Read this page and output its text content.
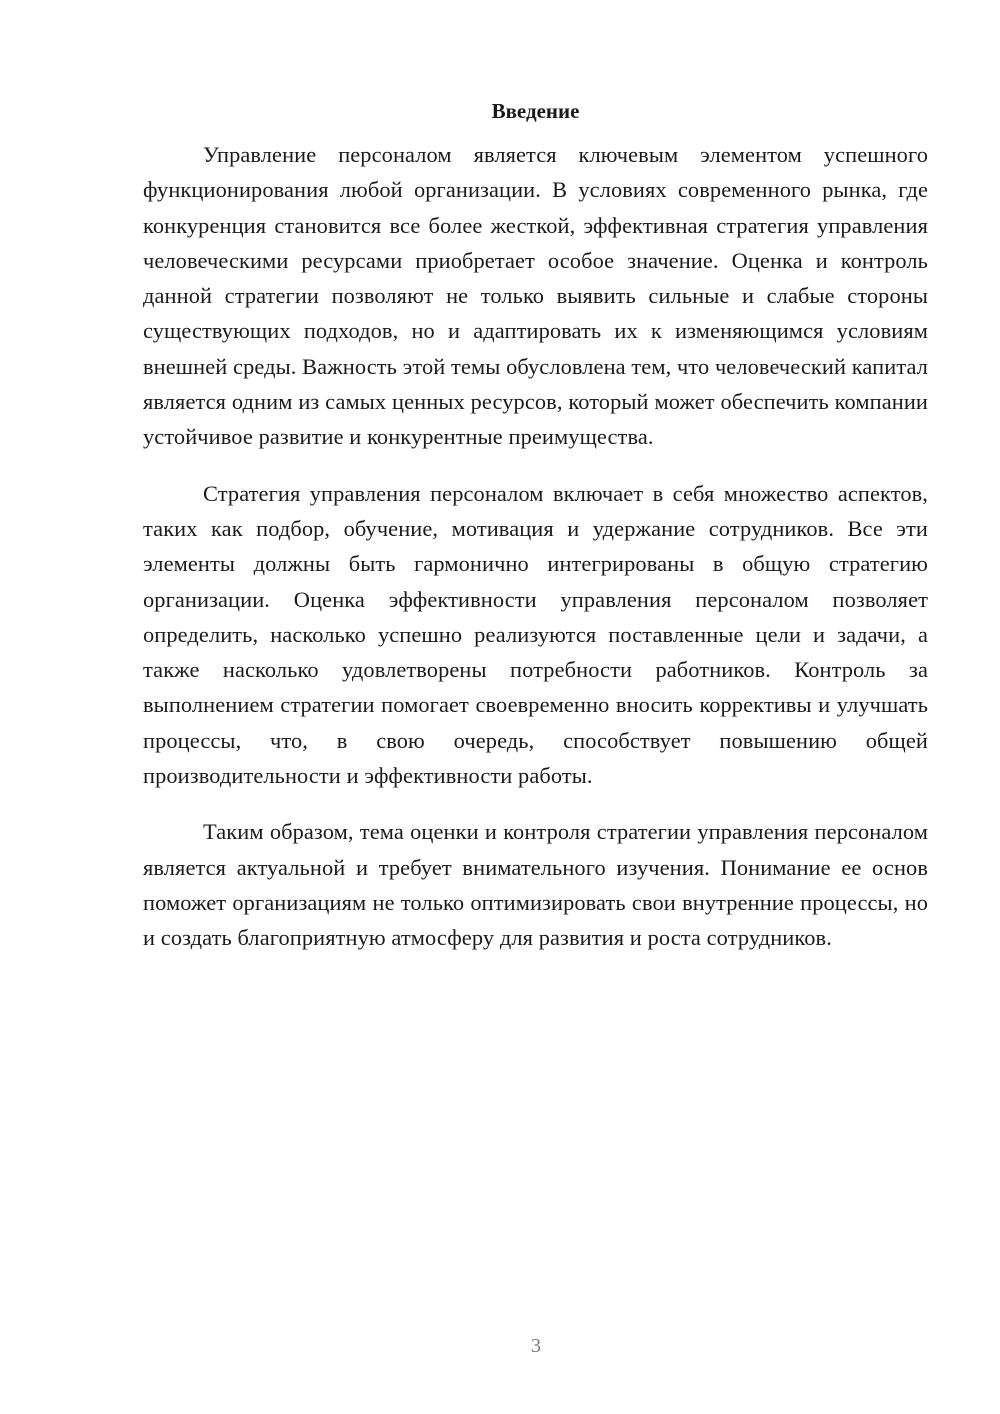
Введение

Управление персоналом является ключевым элементом успешного функционирования любой организации. В условиях современного рынка, где конкуренция становится все более жесткой, эффективная стратегия управления человеческими ресурсами приобретает особое значение. Оценка и контроль данной стратегии позволяют не только выявить сильные и слабые стороны существующих подходов, но и адаптировать их к изменяющимся условиям внешней среды. Важность этой темы обусловлена тем, что человеческий капитал является одним из самых ценных ресурсов, который может обеспечить компании устойчивое развитие и конкурентные преимущества.

Стратегия управления персоналом включает в себя множество аспектов, таких как подбор, обучение, мотивация и удержание сотрудников. Все эти элементы должны быть гармонично интегрированы в общую стратегию организации. Оценка эффективности управления персоналом позволяет определить, насколько успешно реализуются поставленные цели и задачи, а также насколько удовлетворены потребности работников. Контроль за выполнением стратегии помогает своевременно вносить коррективы и улучшать процессы, что, в свою очередь, способствует повышению общей производительности и эффективности работы.

Таким образом, тема оценки и контроля стратегии управления персоналом является актуальной и требует внимательного изучения. Понимание ее основ поможет организациям не только оптимизировать свои внутренние процессы, но и создать благоприятную атмосферу для развития и роста сотрудников.

3
